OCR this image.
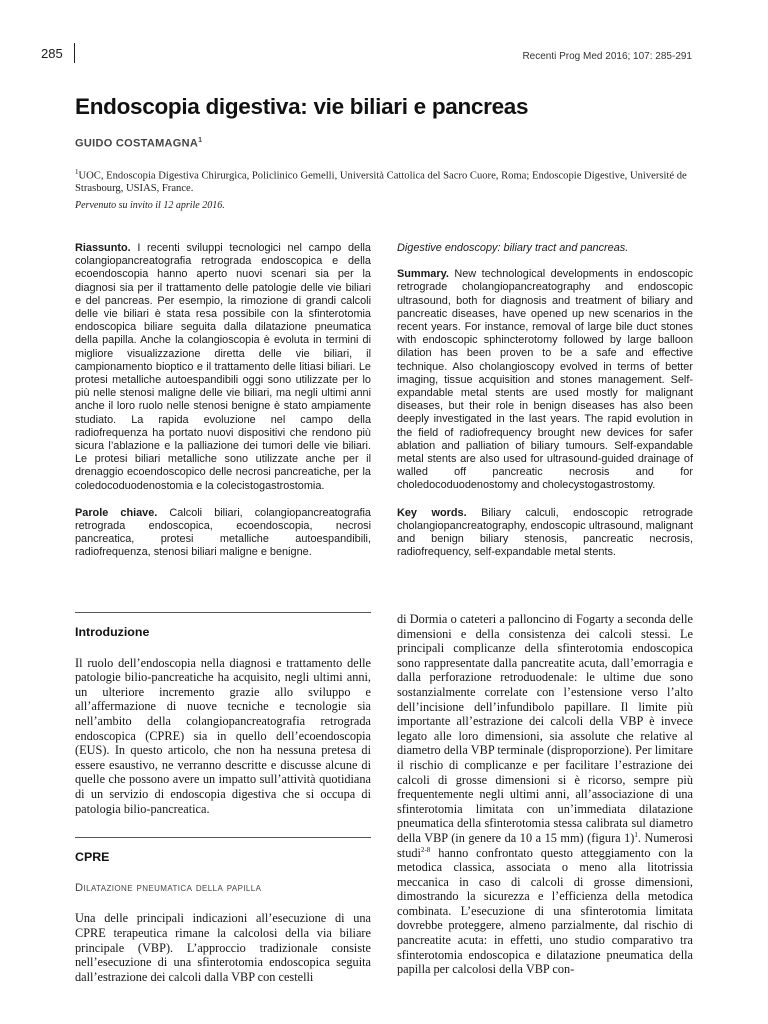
285	Recenti Prog Med 2016; 107: 285-291
Endoscopia digestiva: vie biliari e pancreas
GUIDO COSTAMAGNA$^1$
$^1$UOC, Endoscopia Digestiva Chirurgica, Policlinico Gemelli, Università Cattolica del Sacro Cuore, Roma; Endoscopie Digestive, Université de Strasbourg, USIAS, France.
Pervenuto su invito il 12 aprile 2016.

Riassunto. I recenti sviluppi tecnologici nel campo della colangiopancreatografia retrograda endoscopica e della ecoendoscopia hanno aperto nuovi scenari sia per la diagnosi sia per il trattamento delle patologie delle vie biliari e del pancreas. Per esempio, la rimozione di grandi calcoli delle vie biliari è stata resa possibile con la sfinterotomia endoscopica biliare seguita dalla dilatazione pneumatica della papilla. Anche la colangioscopia è evoluta in termini di migliore visualizzazione diretta delle vie biliari, il campionamento bioptico e il trattamento delle litiasi biliari. Le protesi metalliche autoespandibili oggi sono utilizzate per lo più nelle stenosi maligne delle vie biliari, ma negli ultimi anni anche il loro ruolo nelle stenosi benigne è stato ampiamente studiato. La rapida evoluzione nel campo della radiofrequenza ha portato nuovi dispositivi che rendono più sicura l’ablazione e la palliazione dei tumori delle vie biliari. Le protesi biliari metalliche sono utilizzate anche per il drenaggio ecoendoscopico delle necrosi pancreatiche, per la coledocoduodenostomia e la colecistogastrostomia.

Parole chiave. Calcoli biliari, colangiopancreatografia retrograda endoscopica, ecoendoscopia, necrosi pancreatica, protesi metalliche autoespandibili, radiofrequenza, stenosi biliari maligne e benigne.

Digestive endoscopy: biliary tract and pancreas.

Summary. New technological developments in endoscopic retrograde cholangiopancreatography and endoscopic ultrasound, both for diagnosis and treatment of biliary and pancreatic diseases, have opened up new scenarios in the recent years. For instance, removal of large bile duct stones with endoscopic sphincterotomy followed by large balloon dilation has been proven to be a safe and effective technique. Also cholangioscopy evolved in terms of better imaging, tissue acquisition and stones management. Self-expandable metal stents are used mostly for malignant diseases, but their role in benign diseases has also been deeply investigated in the last years. The rapid evolution in the field of radiofrequency brought new devices for safer ablation and palliation of biliary tumours. Self-expandable metal stents are also used for ultrasound-guided drainage of walled off pancreatic necrosis and for choledocoduodenostomy and cholecystogastrostomy.

Key words. Biliary calculi, endoscopic retrograde cholangiopancreatography, endoscopic ultrasound, malignant and benign biliary stenosis, pancreatic necrosis, radiofrequency, self-expandable metal stents.

Introduzione

Il ruolo dell’endoscopia nella diagnosi e trattamento delle patologie bilio-pancreatiche ha acquisito, negli ultimi anni, un ulteriore incremento grazie allo sviluppo e all’affermazione di nuove tecniche e tecnologie sia nell’ambito della colangiopancreatografia retrograda endoscopica (CPRE) sia in quello dell’ecoendoscopia (EUS). In questo articolo, che non ha nessuna pretesa di essere esaustivo, ne verranno descritte e discusse alcune di quelle che possono avere un impatto sull’attività quotidiana di un servizio di endoscopia digestiva che si occupa di patologia bilio-pancreatica.

CPRE
Dilatazione pneumatica della papilla

Una delle principali indicazioni all’esecuzione di una CPRE terapeutica rimane la calcolosi della via biliare principale (VBP). L’approccio tradizionale consiste nell’esecuzione di una sfinterotomia endoscopica seguita dall’estrazione dei calcoli dalla VBP con cestelli

di Dormia o cateteri a palloncino di Fogarty a seconda delle dimensioni e della consistenza dei calcoli stessi. Le principali complicanze della sfinterotomia endoscopica sono rappresentate dalla pancreatite acuta, dall’emorragia e dalla perforazione retroduodenale: le ultime due sono sostanzialmente correlate con l’estensione verso l’alto dell’incisione dell’infundibolo papillare. Il limite più importante all’estrazione dei calcoli della VBP è invece legato alle loro dimensioni, sia assolute che relative al diametro della VBP terminale (disproporzione). Per limitare il rischio di complicanze e per facilitare l’estrazione dei calcoli di grosse dimensioni si è ricorso, sempre più frequentemente negli ultimi anni, all’associazione di una sfinterotomia limitata con un’immediata dilatazione pneumatica della sfinterotomia stessa calibrata sul diametro della VBP (in genere da 10 a 15 mm) (figura 1)$^1$. Numerosi studi$^{2-8}$ hanno confrontato questo atteggiamento con la metodica classica, associata o meno alla litotrissia meccanica in caso di calcoli di grosse dimensioni, dimostrando la sicurezza e l’efficienza della metodica combinata. L’esecuzione di una sfinterotomia limitata dovrebbe proteggere, almeno parzialmente, dal rischio di pancreatite acuta: in effetti, uno studio comparativo tra sfinterotomia endoscopica e dilatazione pneumatica della papilla per calcolosi della VBP con-
